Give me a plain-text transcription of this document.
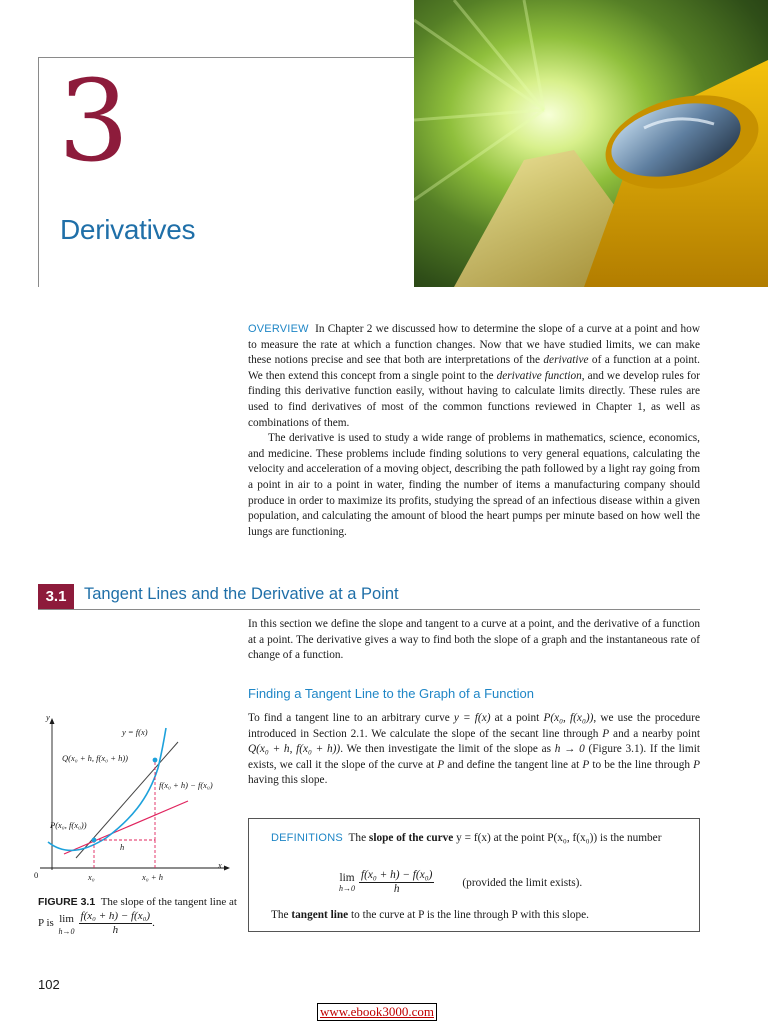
3
Derivatives

OVERVIEW In Chapter 2 we discussed how to determine the slope of a curve at a point and how to measure the rate at which a function changes. Now that we have studied limits, we can make these notions precise and see that both are interpretations of the derivative of a function at a point. We then extend this concept from a single point to the derivative function, and we develop rules for finding this derivative function easily, without having to calculate limits directly. These rules are used to find derivatives of most of the common functions reviewed in Chapter 1, as well as combinations of them.

The derivative is used to study a wide range of problems in mathematics, science, economics, and medicine. These problems include finding solutions to very general equations, calculating the velocity and acceleration of a moving object, describing the path followed by a light ray going from a point in air to a point in water, finding the number of items a manufacturing company should produce in order to maximize its profits, studying the spread of an infectious disease within a given population, and calculating the amount of blood the heart pumps per minute based on how well the lungs are functioning.

3.1	Tangent Lines and the Derivative at a Point

In this section we define the slope and tangent to a curve at a point, and the derivative of a function at a point. The derivative gives a way to find both the slope of a graph and the instantaneous rate of change of a function.

Finding a Tangent Line to the Graph of a Function

To find a tangent line to an arbitrary curve y = f(x) at a point P(x₀, f(x₀)), we use the procedure introduced in Section 2.1. We calculate the slope of the secant line through P and a nearby point Q(x₀ + h, f(x₀ + h)). We then investigate the limit of the slope as h → 0 (Figure 3.1). If the limit exists, we call it the slope of the curve at P and define the tangent line at P to be the line through P having this slope.

DEFINITIONS The slope of the curve y = f(x) at the point P(x₀, f(x₀)) is the number
lim
$h\to 0 \frac{\text{f(x₀ + h) − f(x₀)}}{h}$ (provided the limit exists).
The tangent line to the curve at P is the line through P with this slope.
y
x
0
y = f(x)
Q(x₀ + h, f(x₀ + h))
f(x₀ + h) − f(x₀)
P(x₀, f(x₀))
h
x₀	x₀ + h
FIGURE 3.1 The slope of the tangent line at P is lim
$h\to 0 \frac{\text{f(x₀ + h) − f(x₀)}}{h}$ .
102
www.ebook3000.com
